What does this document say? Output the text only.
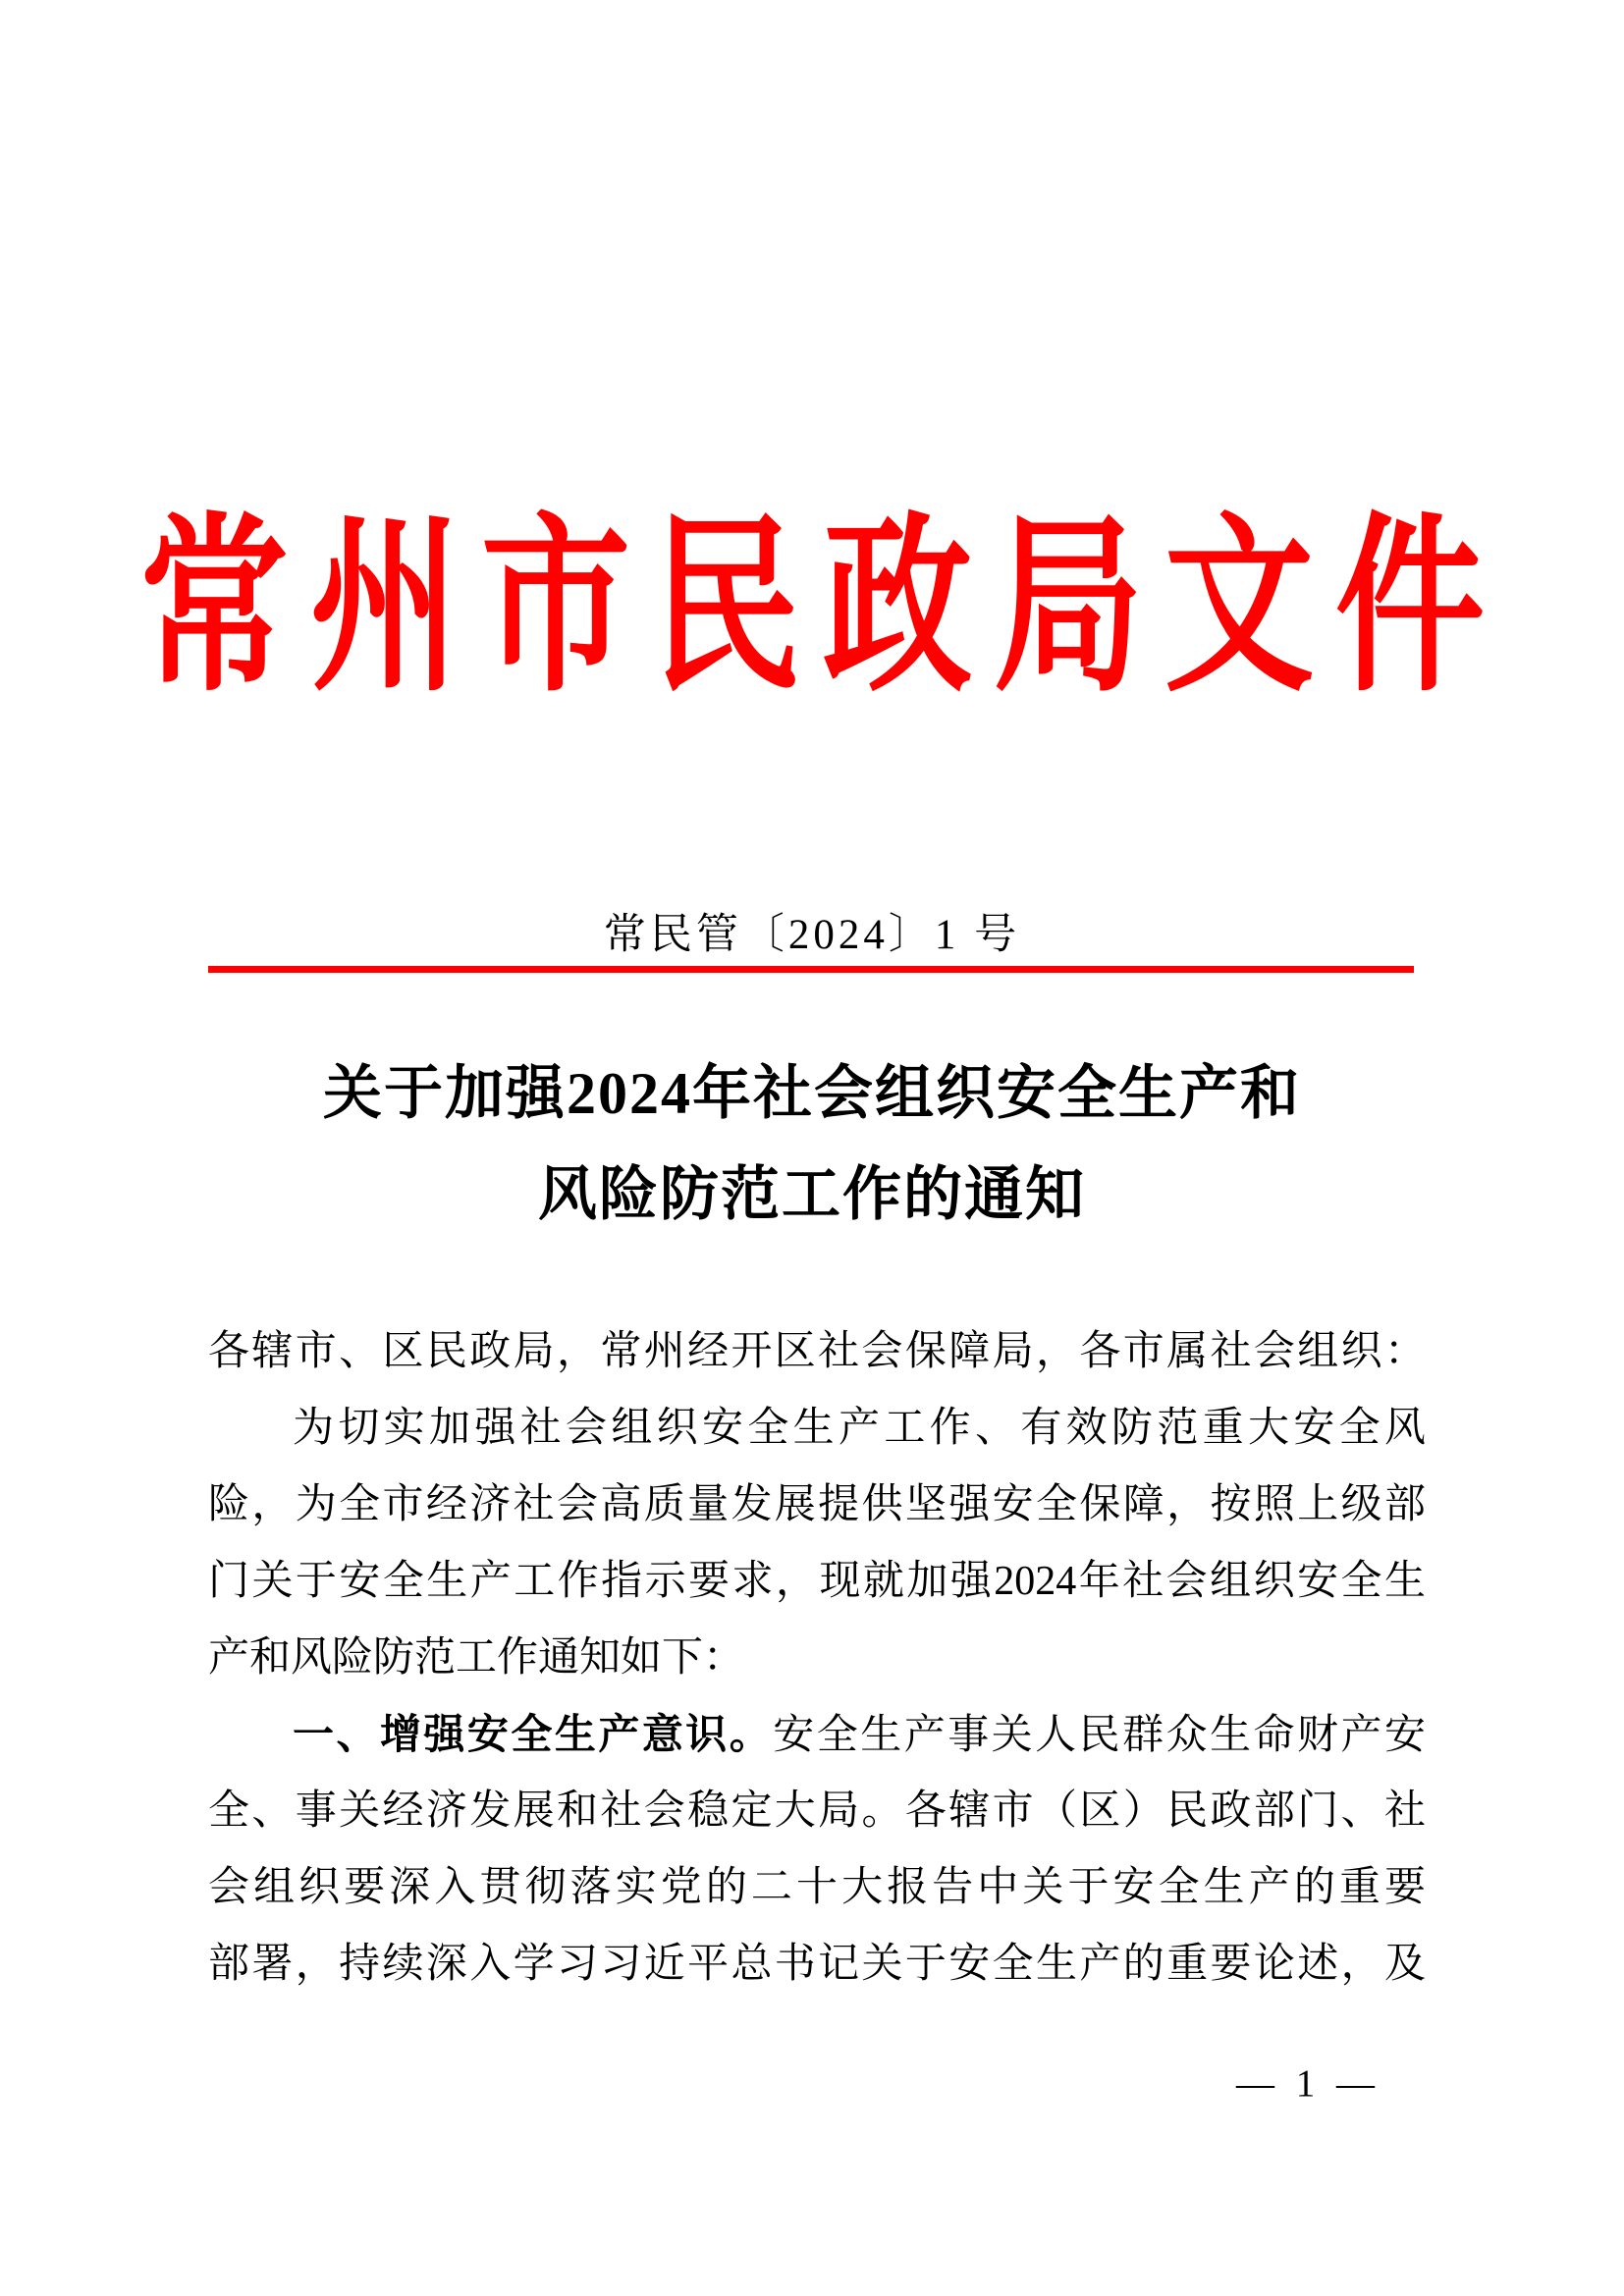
常州市民政局文件
常民管〔2024〕1 号
关于加强2024年社会组织安全生产和
风险防范工作的通知

各辖市、区民政局，常州经开区社会保障局，各市属社会组织：

为切实加强社会组织安全生产工作、有效防范重大安全风

险，为全市经济社会高质量发展提供坚强安全保障，按照上级部

门关于安全生产工作指示要求，现就加强2024年社会组织安全生

产和风险防范工作通知如下：

一、增强安全生产意识。安全生产事关人民群众生命财产安

全、事关经济发展和社会稳定大局。各辖市（区）民政部门、社

会组织要深入贯彻落实党的二十大报告中关于安全生产的重要

部署，持续深入学习习近平总书记关于安全生产的重要论述，及

— 1 —
